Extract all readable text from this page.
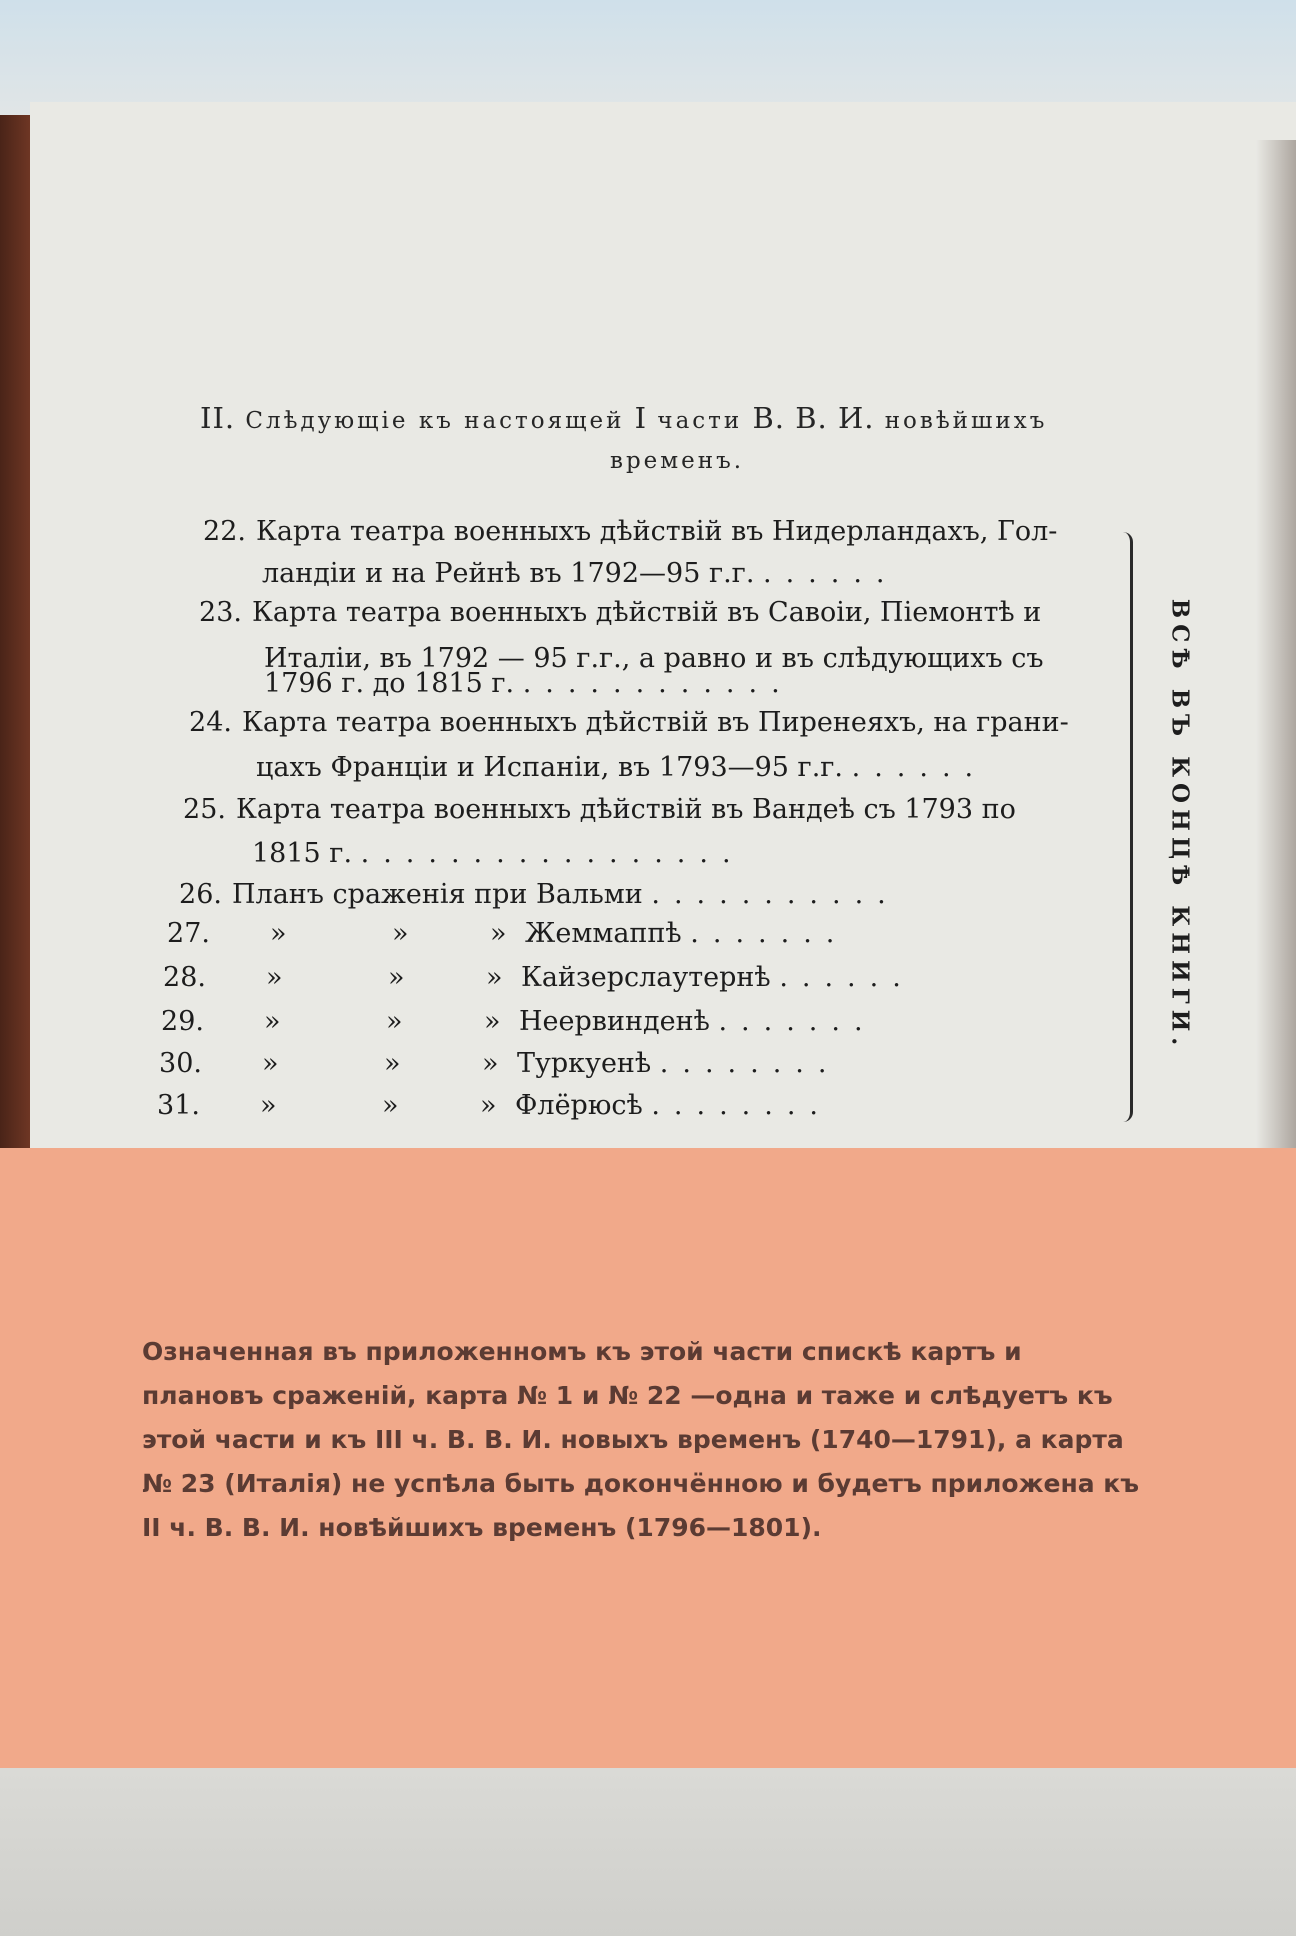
II. Слѣдующіе къ настоящей I части В. В. И. новѣйшихъ
временъ.
22. Карта театра военныхъ дѣйствій въ Нидерландахъ, Гол-
ландіи и на Рейнѣ въ 1792—95 г.г. ......
23. Карта театра военныхъ дѣйствій въ Савоіи, Піемонтѣ и
Италіи, въ 1792 — 95 г.г., а равно и въ слѣдующихъ съ
1796 г. до 1815 г. ............
24. Карта театра военныхъ дѣйствій въ Пиренеяхъ, на грани-
цахъ Франціи и Испаніи, въ 1793—95 г.г. ......
25. Карта театра военныхъ дѣйствій въ Вандеѣ съ 1793 по
1815 г. .................
26. Планъ сраженія при Вальми ...........
27. »	»	» Жеммаппѣ .......
28. »	»	» Кайзерслаутернѣ ......
29. »	»	» Неервинденѣ .......
30. »	»	» Туркуенѣ ........
31. »	»	» Флёрюсѣ ........
ВСѢ ВЪ КОНЦѢ КНИГИ.
Означенная въ приложенномъ къ этой части спискѣ картъ и
плановъ сраженій, карта № 1 и № 22 —одна и таже и слѣдуетъ къ
этой части и къ III ч. В. В. И. новыхъ временъ (1740—1791), а карта
№ 23 (Италія) не успѣла быть докончённою и будетъ приложена къ
II ч. В. В. И. новѣйшихъ временъ (1796—1801).
